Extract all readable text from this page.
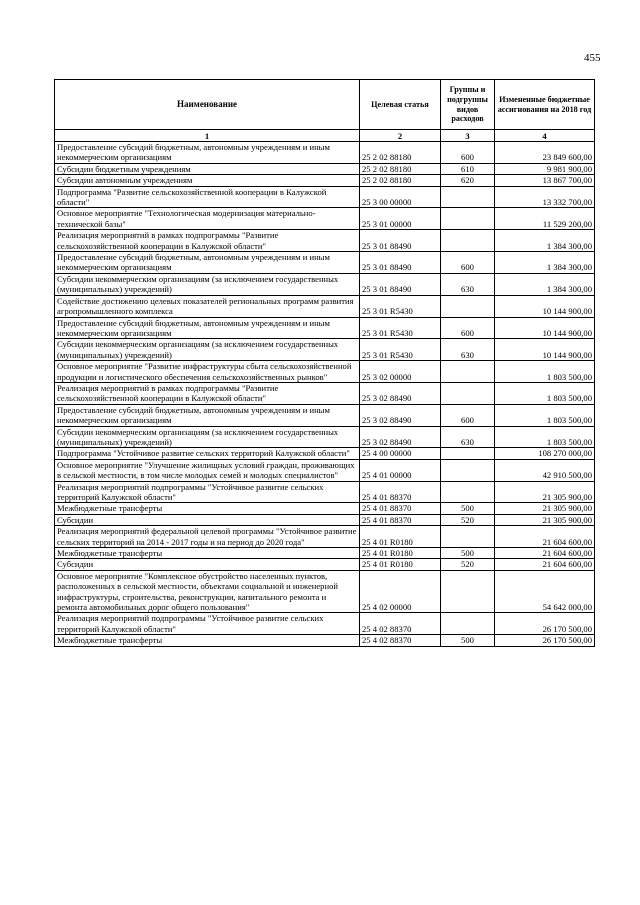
455
Наименование	Целевая статья	Группы и подгруппы видов расходов	Измененные бюджетные ассигнования на 2018 год
1	2	3	4
Предоставление субсидий бюджетным, автономным учреждениям и иным некоммерческим организациям	25 2 02 88180	600	23 849 600,00
Субсидии бюджетным учреждениям	25 2 02 88180	610	9 981 900,00
Субсидии автономным учреждениям	25 2 02 88180	620	13 867 700,00
Подпрограмма "Развитие сельскохозяйственной кооперации в Калужской области"	25 3 00 00000		13 332 700,00
Основное мероприятие "Технологическая модернизация материально-технической базы"	25 3 01 00000		11 529 200,00
Реализация мероприятий в рамках подпрограммы "Развитие сельскохозяйственной кооперации в Калужской области"	25 3 01 88490		1 384 300,00
Предоставление субсидий бюджетным, автономным учреждениям и иным некоммерческим организациям	25 3 01 88490	600	1 384 300,00
Субсидии некоммерческим организациям (за исключением государственных (муниципальных) учреждений)	25 3 01 88490	630	1 384 300,00
Содействие достижению целевых показателей региональных программ развития агропромышленного комплекса	25 3 01 R5430		10 144 900,00
Предоставление субсидий бюджетным, автономным учреждениям и иным некоммерческим организациям	25 3 01 R5430	600	10 144 900,00
Субсидии некоммерческим организациям (за исключением государственных (муниципальных) учреждений)	25 3 01 R5430	630	10 144 900,00
Основное мероприятие "Развитие инфраструктуры сбыта сельскохозяйственной продукции и логистического обеспечения сельскохозяйственных рынков"	25 3 02 00000		1 803 500,00
Реализация мероприятий в рамках подпрограммы "Развитие сельскохозяйственной кооперации в Калужской области"	25 3 02 88490		1 803 500,00
Предоставление субсидий бюджетным, автономным учреждениям и иным некоммерческим организациям	25 3 02 88490	600	1 803 500,00
Субсидии некоммерческим организациям (за исключением государственных (муниципальных) учреждений)	25 3 02 88490	630	1 803 500,00
Подпрограмма "Устойчивое развитие сельских территорий Калужской области"	25 4 00 00000		108 270 000,00
Основное мероприятие "Улучшение жилищных условий граждан, проживающих в сельской местности, в том числе молодых семей и молодых специалистов"	25 4 01 00000		42 910 500,00
Реализация мероприятий подпрограммы "Устойчивое развитие сельских территорий Калужской области"	25 4 01 88370		21 305 900,00
Межбюджетные трансферты	25 4 01 88370	500	21 305 900,00
Субсидии	25 4 01 88370	520	21 305 900,00
Реализация мероприятий федеральной целевой программы "Устойчивое развитие сельских территорий на 2014 - 2017 годы и на период до 2020 года"	25 4 01 R0180		21 604 600,00
Межбюджетные трансферты	25 4 01 R0180	500	21 604 600,00
Субсидии	25 4 01 R0180	520	21 604 600,00
Основное мероприятие "Комплексное обустройство населенных пунктов, расположенных в сельской местности, объектами социальной и инженерной инфраструктуры, строительства, реконструкции, капитального ремонта и ремонта автомобильных дорог общего пользования"	25 4 02 00000		54 642 000,00
Реализация мероприятий подпрограммы "Устойчивое развитие сельских территорий Калужской области"	25 4 02 88370		26 170 500,00
Межбюджетные трансферты	25 4 02 88370	500	26 170 500,00
